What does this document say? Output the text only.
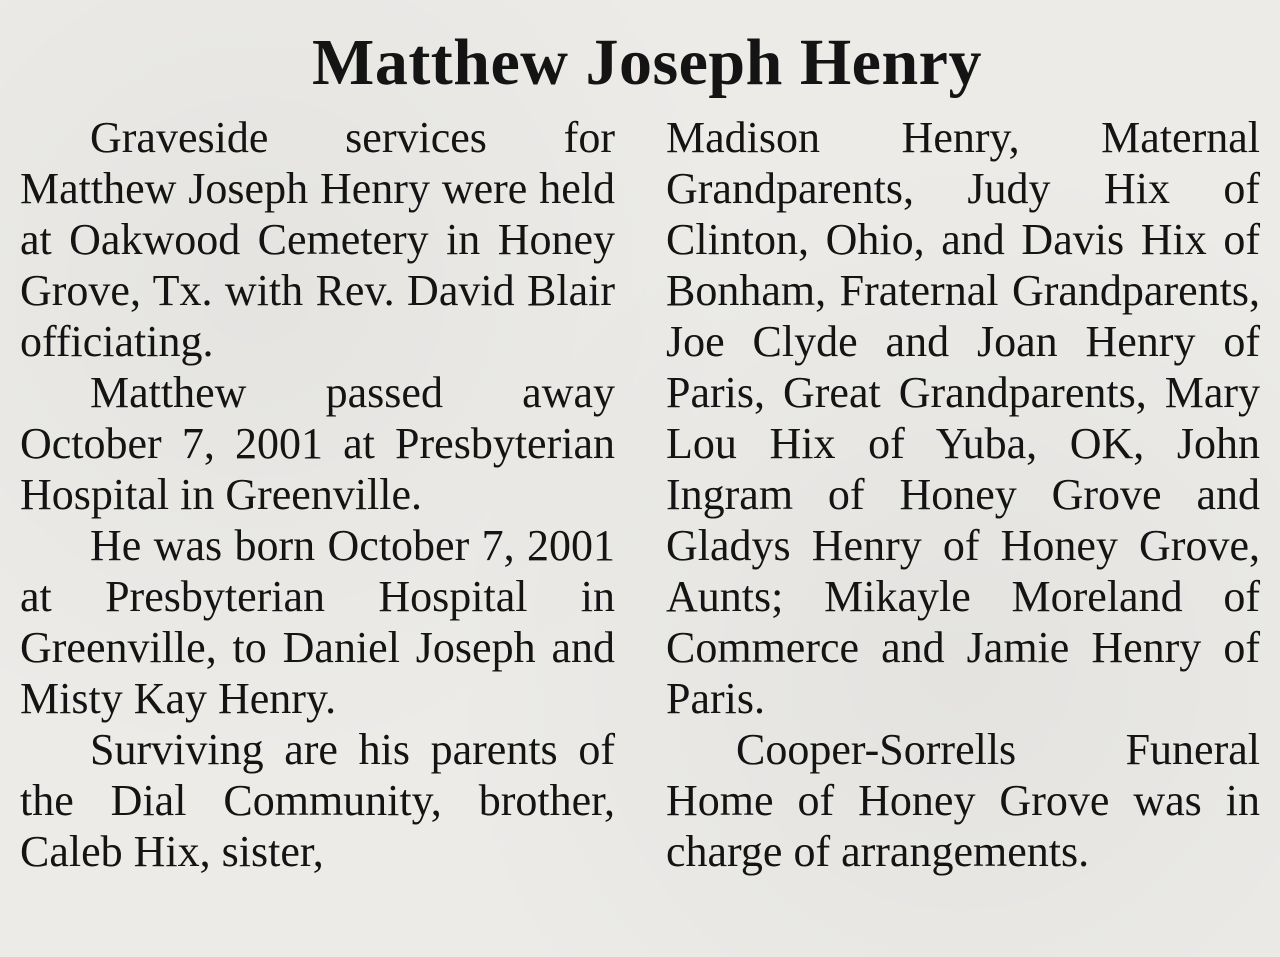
Matthew Joseph Henry

Graveside services for Matthew Joseph Henry were held at Oakwood Cemetery in Honey Grove, Tx. with Rev. David Blair officiating.

Matthew passed away October 7, 2001 at Presbyterian Hospital in Greenville.

He was born October 7, 2001 at Presbyterian Hospital in Greenville, to Daniel Joseph and Misty Kay Henry.

Surviving are his parents of the Dial Community, brother, Caleb Hix, sister,

Madison Henry, Maternal Grandparents, Judy Hix of Clinton, Ohio, and Davis Hix of Bonham, Fraternal Grandparents, Joe Clyde and Joan Henry of Paris, Great Grandparents, Mary Lou Hix of Yuba, OK, John Ingram of Honey Grove and Gladys Henry of Honey Grove, Aunts; Mikayle Moreland of Commerce and Jamie Henry of Paris.

Cooper-Sorrells Funeral Home of Honey Grove was in charge of arrangements.
